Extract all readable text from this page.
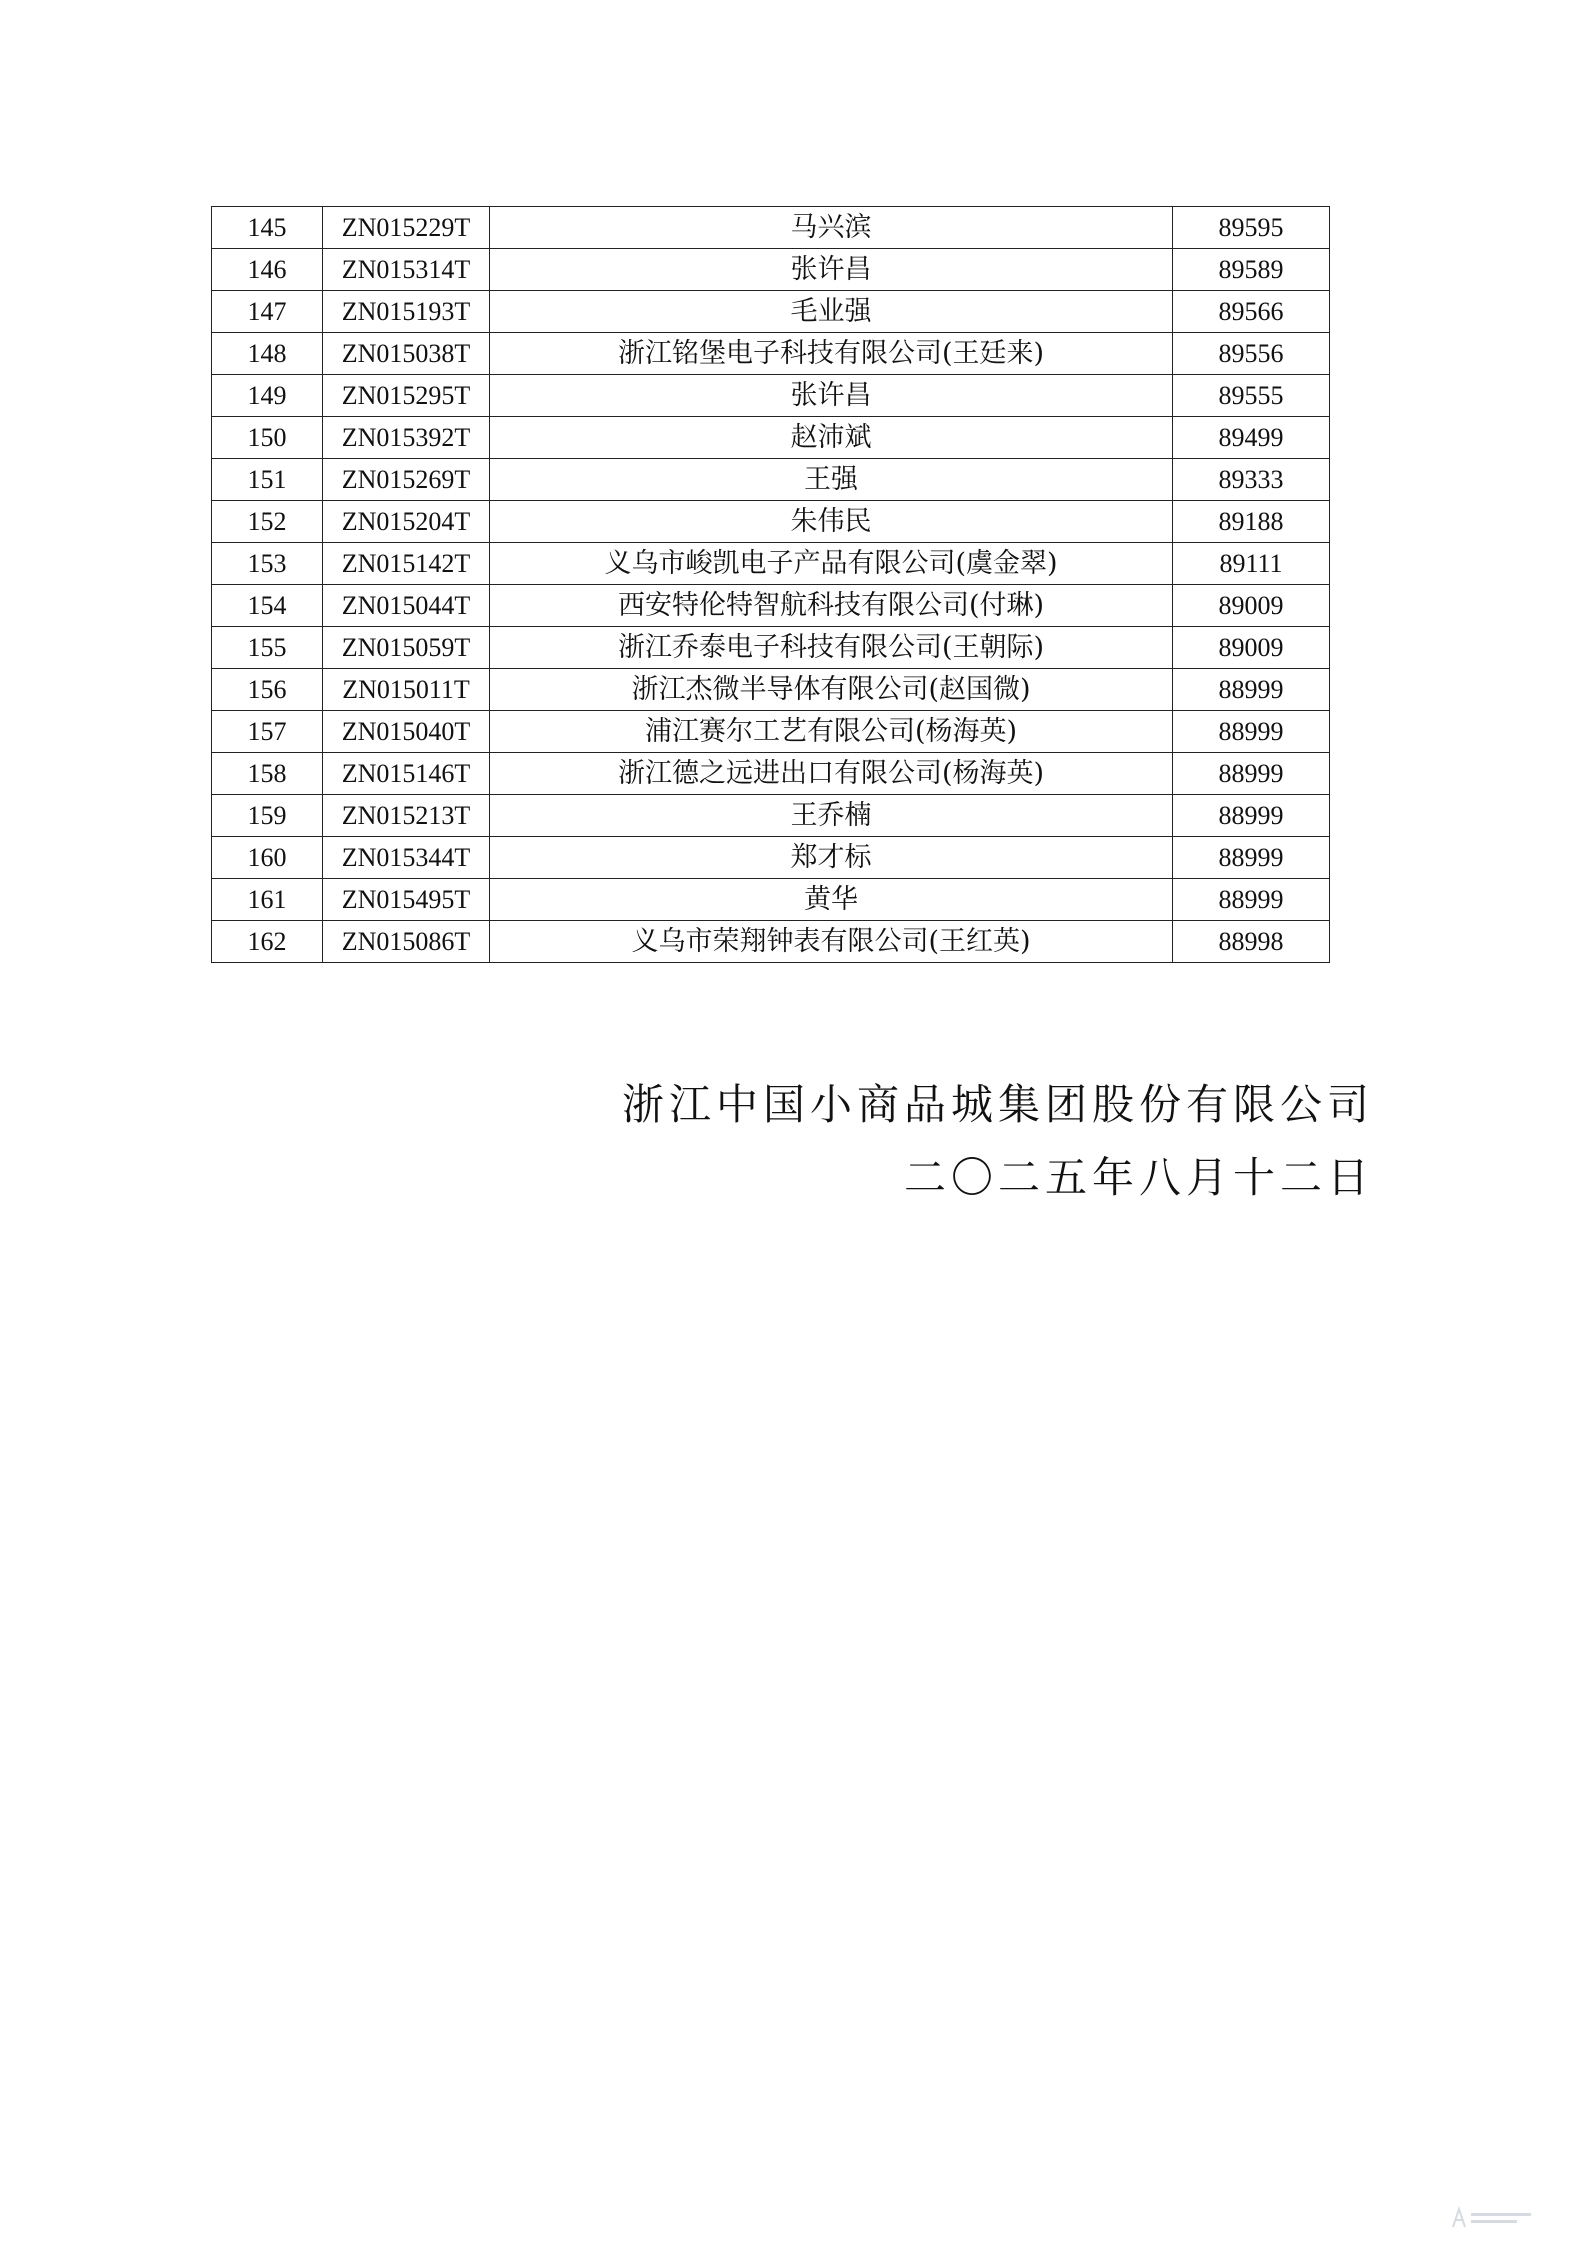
145	ZN015229T	马兴滨	89595
146	ZN015314T	张许昌	89589
147	ZN015193T	毛业强	89566
148	ZN015038T	浙江铭堡电子科技有限公司(王廷来)	89556
149	ZN015295T	张许昌	89555
150	ZN015392T	赵沛斌	89499
151	ZN015269T	王强	89333
152	ZN015204T	朱伟民	89188
153	ZN015142T	义乌市峻凯电子产品有限公司(虞金翠)	89111
154	ZN015044T	西安特伦特智航科技有限公司(付琳)	89009
155	ZN015059T	浙江乔泰电子科技有限公司(王朝际)	89009
156	ZN015011T	浙江杰微半导体有限公司(赵国微)	88999
157	ZN015040T	浦江赛尔工艺有限公司(杨海英)	88999
158	ZN015146T	浙江德之远进出口有限公司(杨海英)	88999
159	ZN015213T	王乔楠	88999
160	ZN015344T	郑才标	88999
161	ZN015495T	黄华	88999
162	ZN015086T	义乌市荣翔钟表有限公司(王红英)	88998
浙江中国小商品城集团股份有限公司
二〇二五年八月十二日
